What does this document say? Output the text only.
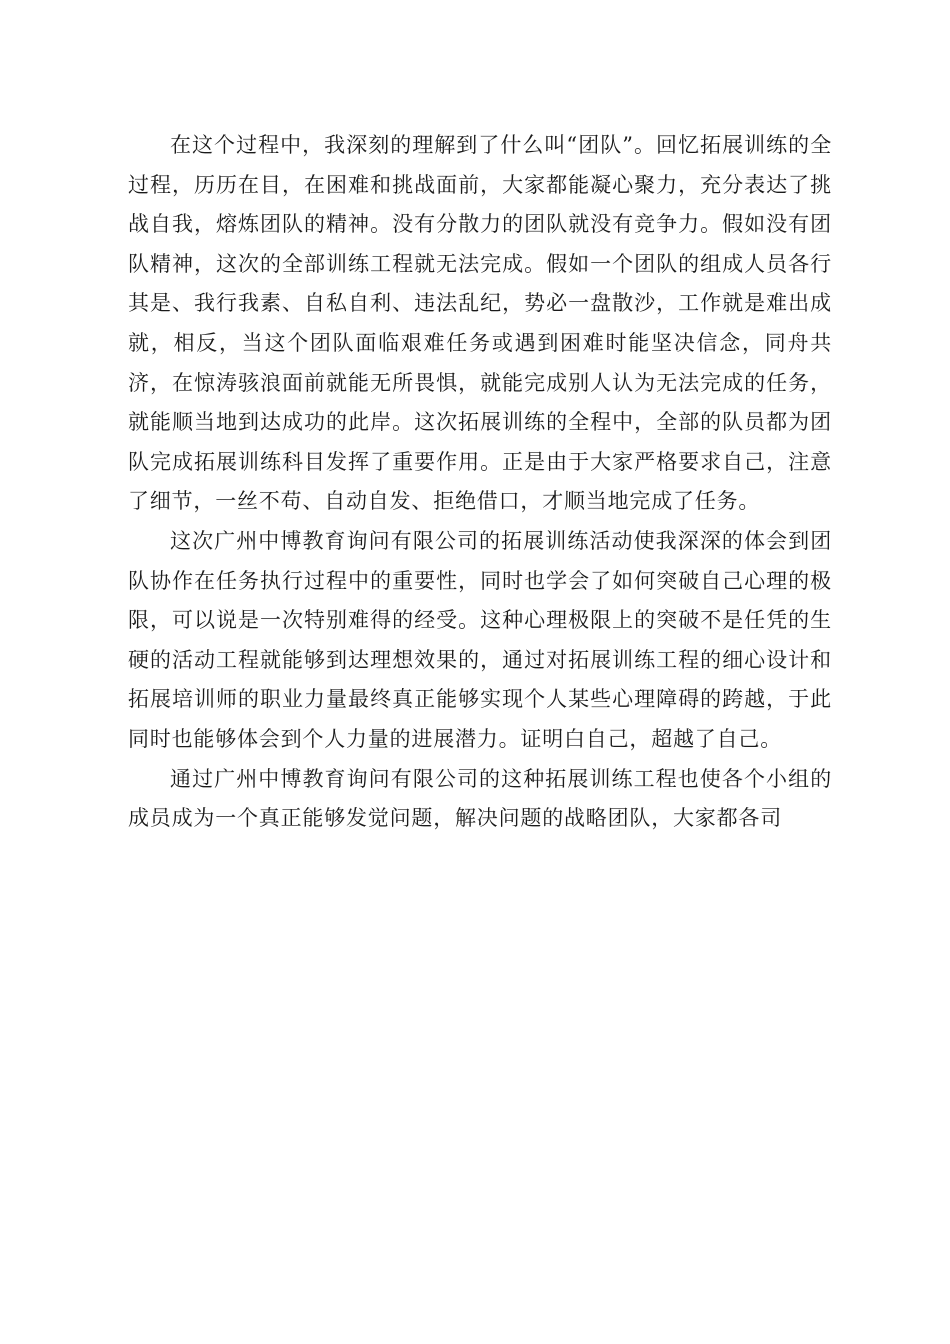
在这个过程中，我深刻的理解到了什么叫“团队”。回忆拓展训练的全过程，历历在目，在困难和挑战面前，大家都能凝心聚力，充分表达了挑战自我，熔炼团队的精神。没有分散力的团队就没有竞争力。假如没有团队精神，这次的全部训练工程就无法完成。假如一个团队的组成人员各行其是、我行我素、自私自利、违法乱纪，势必一盘散沙，工作就是难出成就，相反，当这个团队面临艰难任务或遇到困难时能坚决信念，同舟共济，在惊涛骇浪面前就能无所畏惧，就能完成别人认为无法完成的任务，就能顺当地到达成功的此岸。这次拓展训练的全程中，全部的队员都为团队完成拓展训练科目发挥了重要作用。正是由于大家严格要求自己，注意了细节，一丝不苟、自动自发、拒绝借口，才顺当地完成了任务。

这次广州中博教育询问有限公司的拓展训练活动使我深深的体会到团队协作在任务执行过程中的重要性，同时也学会了如何突破自己心理的极限，可以说是一次特别难得的经受。这种心理极限上的突破不是任凭的生硬的活动工程就能够到达理想效果的，通过对拓展训练工程的细心设计和拓展培训师的职业力量最终真正能够实现个人某些心理障碍的跨越，于此同时也能够体会到个人力量的进展潜力。证明白自己，超越了自己。

通过广州中博教育询问有限公司的这种拓展训练工程也使各个小组的成员成为一个真正能够发觉问题，解决问题的战略团队，大家都各司
